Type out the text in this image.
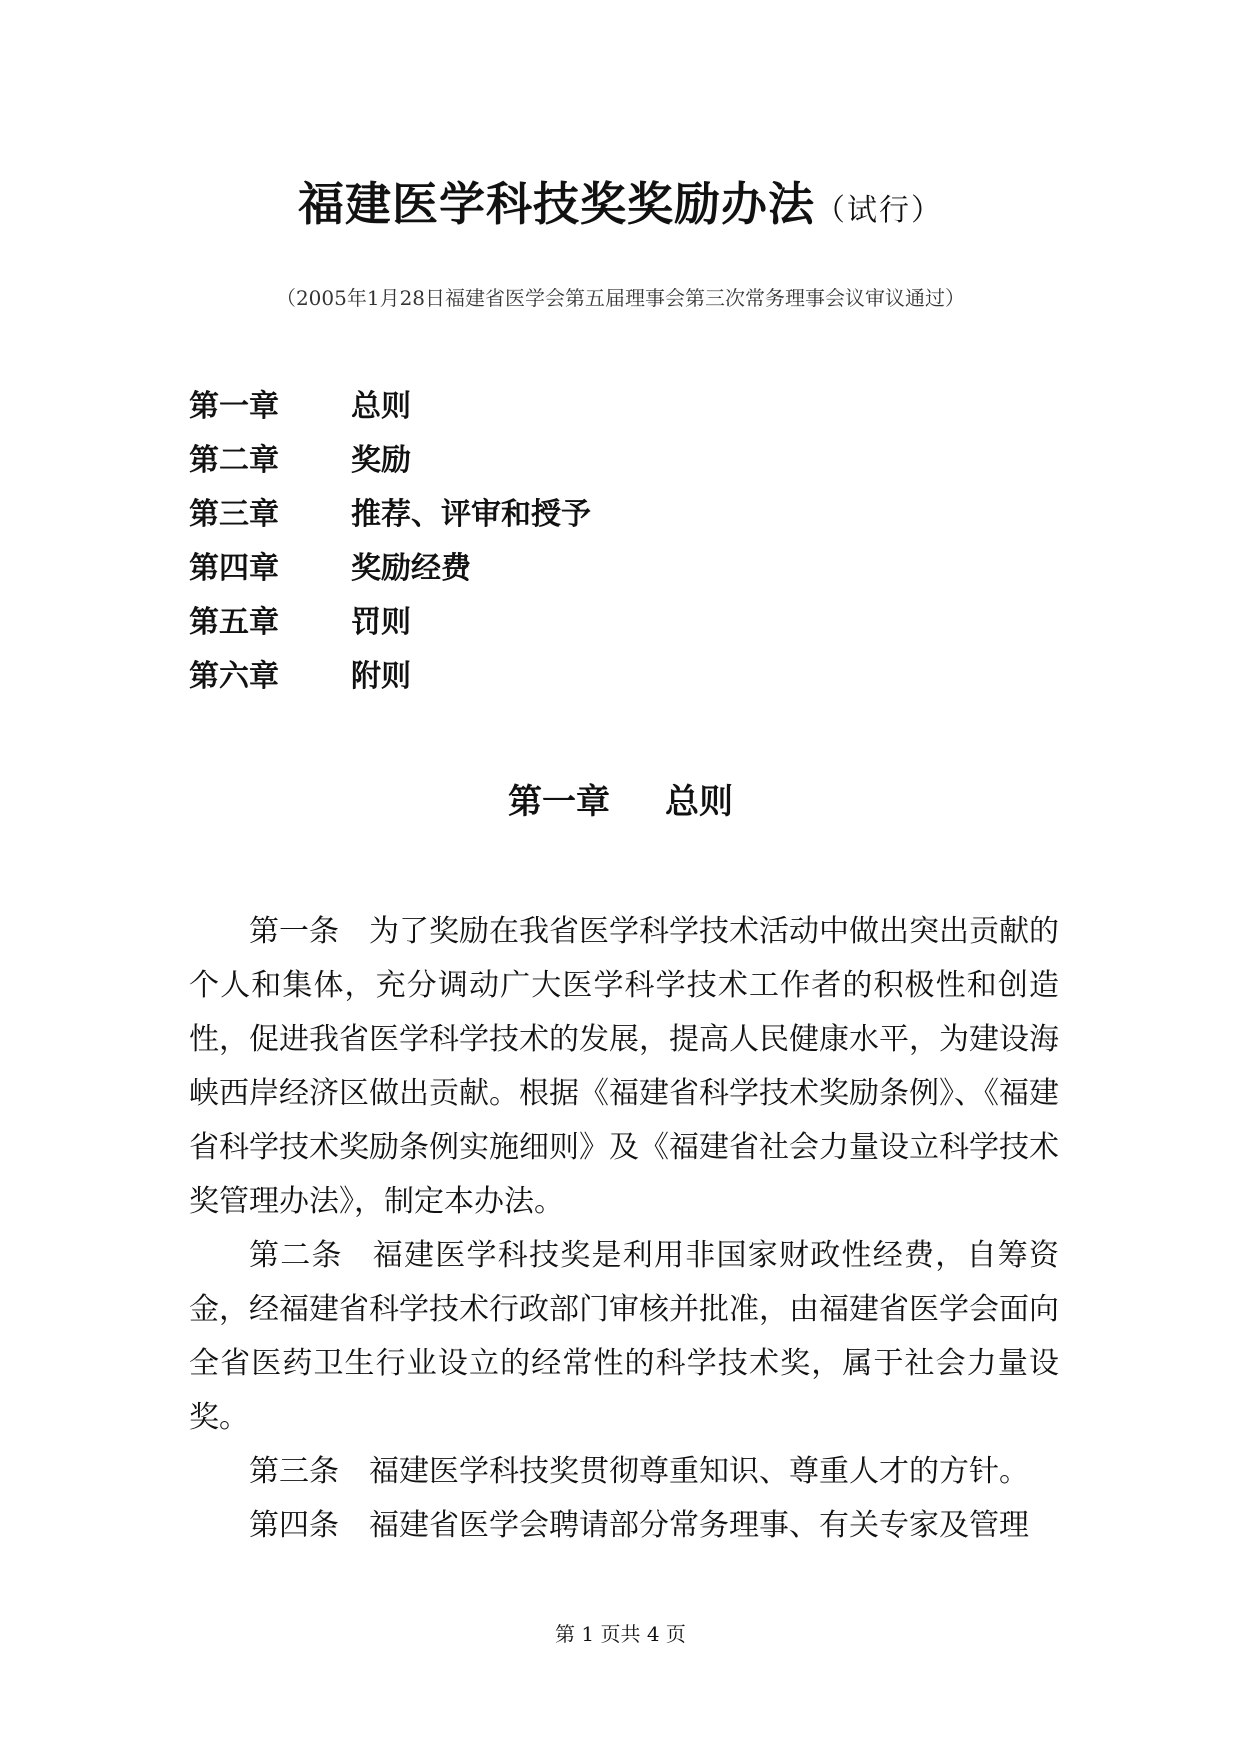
福建医学科技奖奖励办法（试行）
（2005年1月28日福建省医学会第五届理事会第三次常务理事会议审议通过）
第一章 总则
第二章 奖励
第三章 推荐、评审和授予
第四章 奖励经费
第五章 罚则
第六章 附则
第一章 总则

第一条 为了奖励在我省医学科学技术活动中做出突出贡献的个人和集体，充分调动广大医学科学技术工作者的积极性和创造性，促进我省医学科学技术的发展，提高人民健康水平，为建设海峡西岸经济区做出贡献。根据《福建省科学技术奖励条例》、《福建省科学技术奖励条例实施细则》及《福建省社会力量设立科学技术奖管理办法》，制定本办法。

第二条 福建医学科技奖是利用非国家财政性经费，自筹资金，经福建省科学技术行政部门审核并批准，由福建省医学会面向全省医药卫生行业设立的经常性的科学技术奖，属于社会力量设奖。

第三条 福建医学科技奖贯彻尊重知识、尊重人才的方针。

第四条 福建省医学会聘请部分常务理事、有关专家及管理

第 1 页共 4 页
